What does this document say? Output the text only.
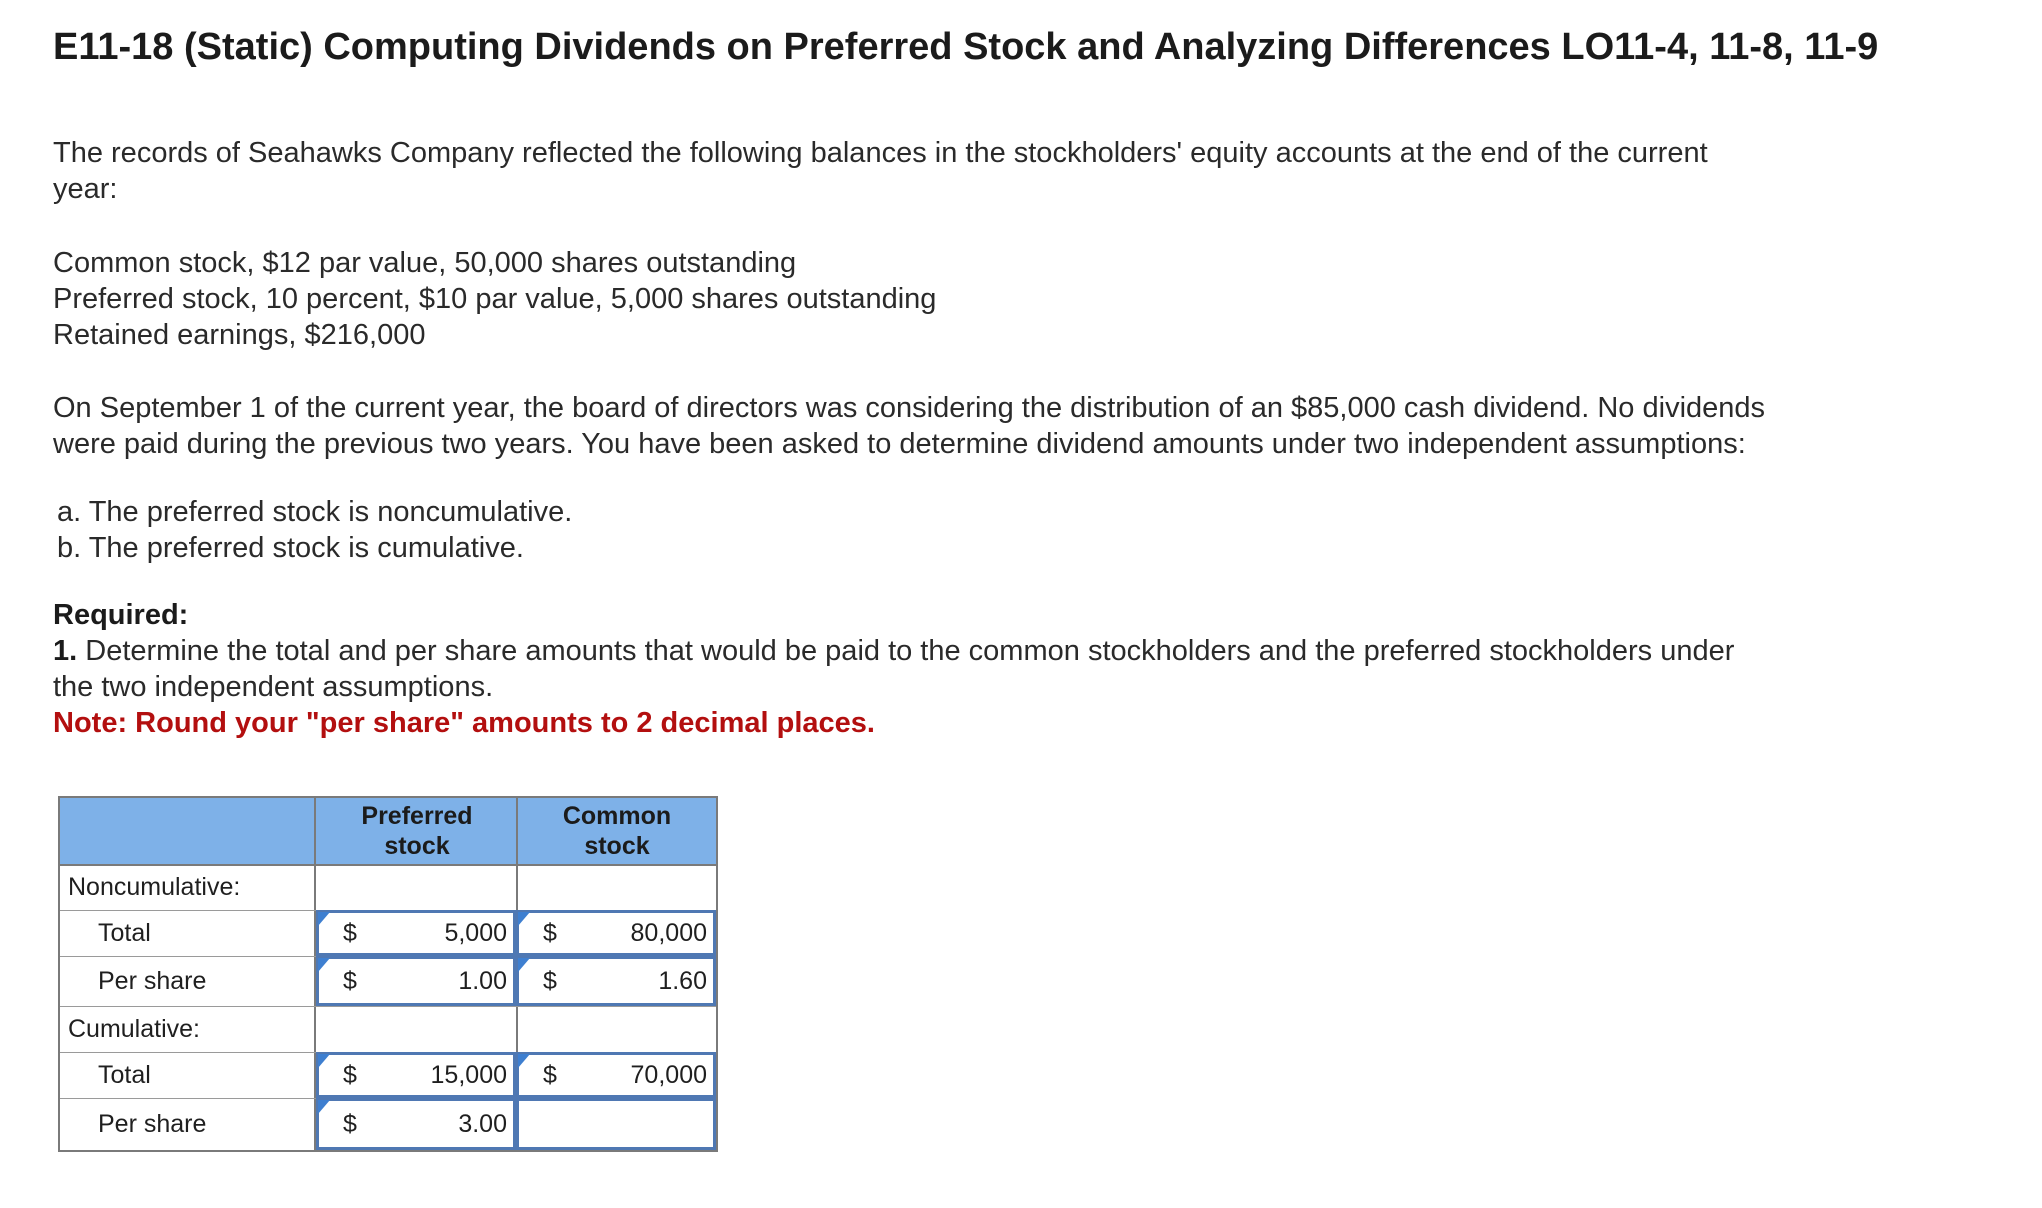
E11-18 (Static) Computing Dividends on Preferred Stock and Analyzing Differences LO11-4, 11-8, 11-9
The records of Seahawks Company reflected the following balances in the stockholders' equity accounts at the end of the current
year:
Common stock, $12 par value, 50,000 shares outstanding
Preferred stock, 10 percent, $10 par value, 5,000 shares outstanding
Retained earnings, $216,000
On September 1 of the current year, the board of directors was considering the distribution of an $85,000 cash dividend. No dividends
were paid during the previous two years. You have been asked to determine dividend amounts under two independent assumptions:
a. The preferred stock is noncumulative.
b. The preferred stock is cumulative.
Required:
1. Determine the total and per share amounts that would be paid to the common stockholders and the preferred stockholders under
the two independent assumptions.
Note: Round your "per share" amounts to 2 decimal places.
Preferred
stock
Common
stock
Noncumulative:
Total	$	5,000 $	80,000
Per share	$	1.00 $	1.60
Cumulative:
Total	$	15,000 $	70,000
Per share	$	3.00
